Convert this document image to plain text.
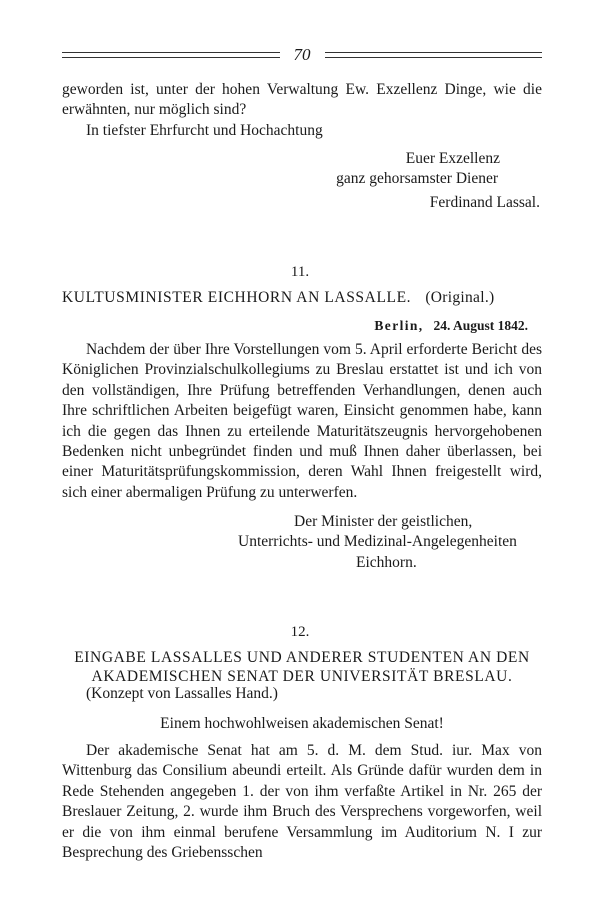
70

geworden ist, unter der hohen Verwaltung Ew. Exzellenz Dinge, wie die erwähnten, nur möglich sind?

In tiefster Ehrfurcht und Hochachtung

Euer Exzellenz
ganz gehorsamster Diener
Ferdinand Lassal.
11.
KULTUSMINISTER EICHHORN AN LASSALLE. (Original.)
Berlin, 24. August 1842.

Nachdem der über Ihre Vorstellungen vom 5. April erforderte Bericht des Königlichen Provinzialschulkollegiums zu Breslau erstattet ist und ich von den vollständigen, Ihre Prüfung betreffenden Verhandlungen, denen auch Ihre schriftlichen Arbeiten beigefügt waren, Einsicht genommen habe, kann ich die gegen das Ihnen zu erteilende Maturitätszeugnis hervorgehobenen Bedenken nicht unbegründet finden und muß Ihnen daher überlassen, bei einer Maturitätsprüfungskommission, deren Wahl Ihnen freigestellt wird, sich einer abermaligen Prüfung zu unterwerfen.

Der Minister der geistlichen,
Unterrichts- und Medizinal-Angelegenheiten
Eichhorn.
12.
EINGABE LASSALLES UND ANDERER STUDENTEN AN DEN
AKADEMISCHEN SENAT DER UNIVERSITÄT BRESLAU.

(Konzept von Lassalles Hand.)

Einem hochwohlweisen akademischen Senat!

Der akademische Senat hat am 5. d. M. dem Stud. iur. Max von Wittenburg das Consilium abeundi erteilt. Als Gründe dafür wurden dem in Rede Stehenden angegeben 1. der von ihm verfaßte Artikel in Nr. 265 der Breslauer Zeitung, 2. wurde ihm Bruch des Versprechens vorgeworfen, weil er die von ihm einmal berufene Versammlung im Auditorium N. I zur Besprechung des Griebensschen
